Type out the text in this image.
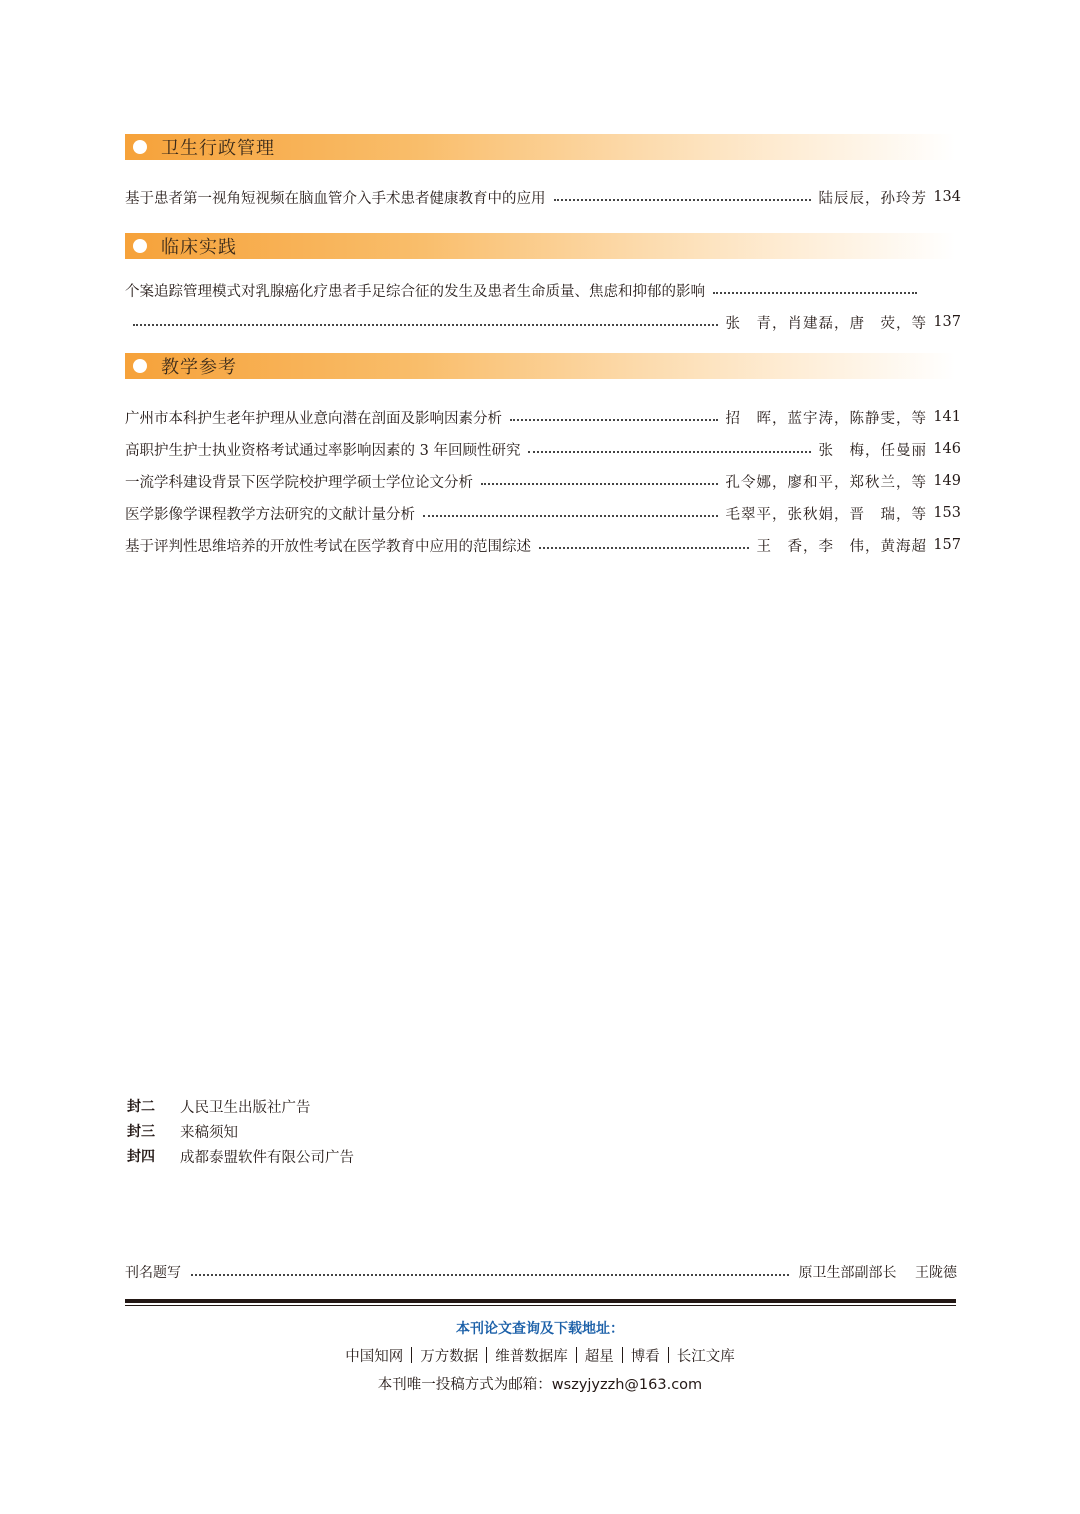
卫生行政管理
基于患者第一视角短视频在脑血管介入手术患者健康教育中的应用	陆辰辰，孙玲芳 134
临床实践
个案追踪管理模式对乳腺癌化疗患者手足综合征的发生及患者生命质量、焦虑和抑郁的影响
张　青，肖建磊，唐　荧，等 137
教学参考
广州市本科护生老年护理从业意向潜在剖面及影响因素分析	招　晖，蓝宇涛，陈静雯，等 141
高职护生护士执业资格考试通过率影响因素的 3 年回顾性研究	张　梅，任曼丽 146
一流学科建设背景下医学院校护理学硕士学位论文分析	孔令娜，廖和平，郑秋兰，等 149
医学影像学课程教学方法研究的文献计量分析	毛翠平，张秋娟，晋　瑞，等 153
基于评判性思维培养的开放性考试在医学教育中应用的范围综述	王　香，李　伟，黄海超 157
封二	人民卫生出版社广告
封三	来稿须知
封四	成都泰盟软件有限公司广告
刊名题写	原卫生部副部长 王陇德
本刊论文查询及下载地址：
中国知网 万方数据 维普数据库 超星 博看 长江文库
本刊唯一投稿方式为邮箱：wszyjyzzh@163.com
